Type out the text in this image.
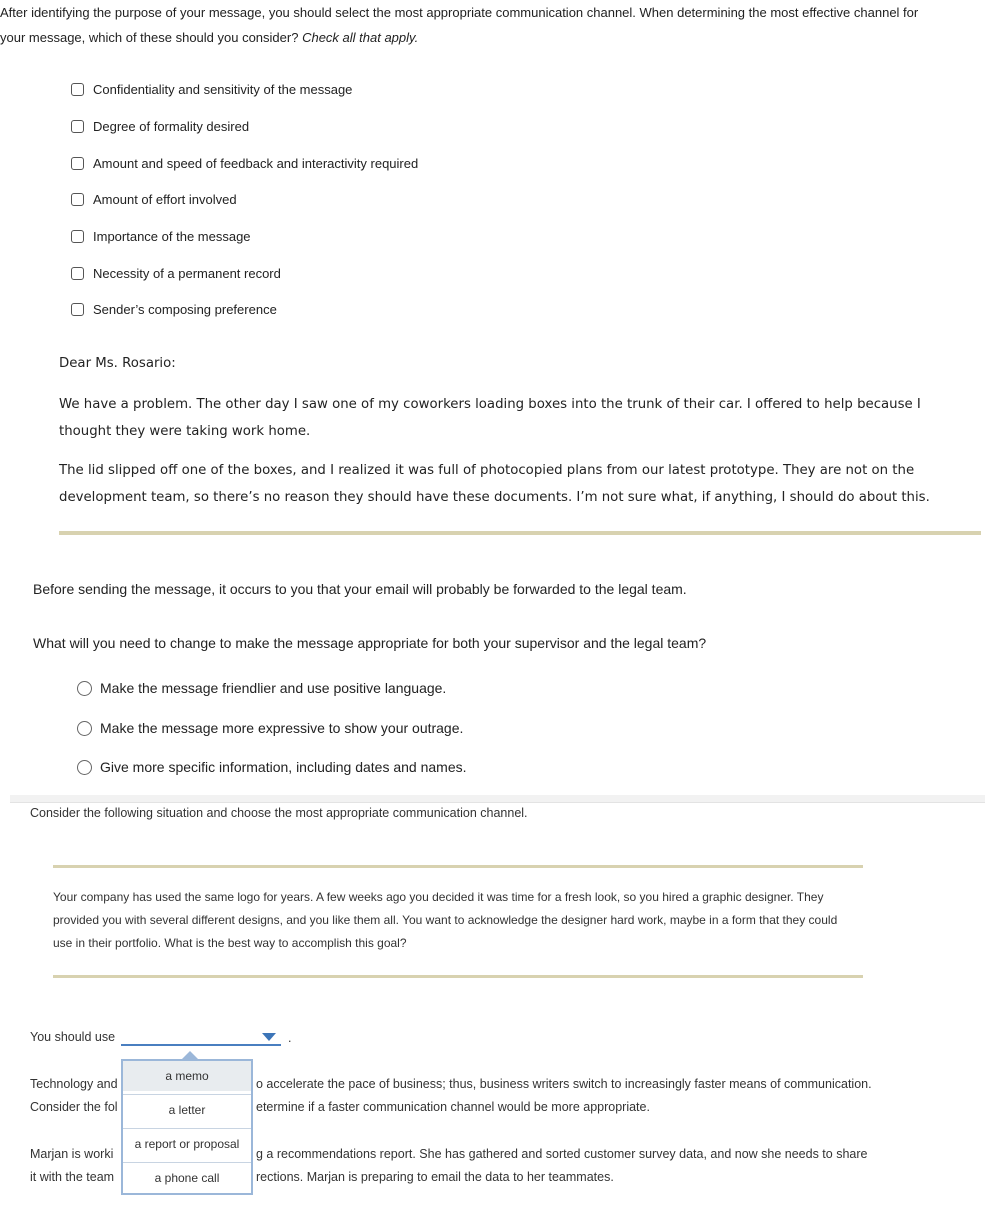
After identifying the purpose of your message, you should select the most appropriate communication channel. When determining the most effective channel for your message, which of these should you consider? Check all that apply.
Confidentiality and sensitivity of the message
Degree of formality desired
Amount and speed of feedback and interactivity required
Amount of effort involved
Importance of the message
Necessity of a permanent record
Sender’s composing preference
Dear Ms. Rosario:
We have a problem. The other day I saw one of my coworkers loading boxes into the trunk of their car. I offered to help because I thought they were taking work home.
The lid slipped off one of the boxes, and I realized it was full of photocopied plans from our latest prototype. They are not on the development team, so there’s no reason they should have these documents. I’m not sure what, if anything, I should do about this.
Before sending the message, it occurs to you that your email will probably be forwarded to the legal team.
What will you need to change to make the message appropriate for both your supervisor and the legal team?
Make the message friendlier and use positive language.
Make the message more expressive to show your outrage.
Give more specific information, including dates and names.
Consider the following situation and choose the most appropriate communication channel.
Your company has used the same logo for years. A few weeks ago you decided it was time for a fresh look, so you hired a graphic designer. They provided you with several different designs, and you like them all. You want to acknowledge the designer hard work, maybe in a form that they could use in their portfolio. What is the best way to accomplish this goal?
You should use	.
Technology and	o accelerate the pace of business; thus, business writers switch to increasingly faster means of communication.
Consider the fol	etermine if a faster communication channel would be more appropriate.
Marjan is worki	g a recommendations report. She has gathered and sorted customer survey data, and now she needs to share
it with the team	rections. Marjan is preparing to email the data to her teammates.
a memo
a letter
a report or proposal
a phone call
